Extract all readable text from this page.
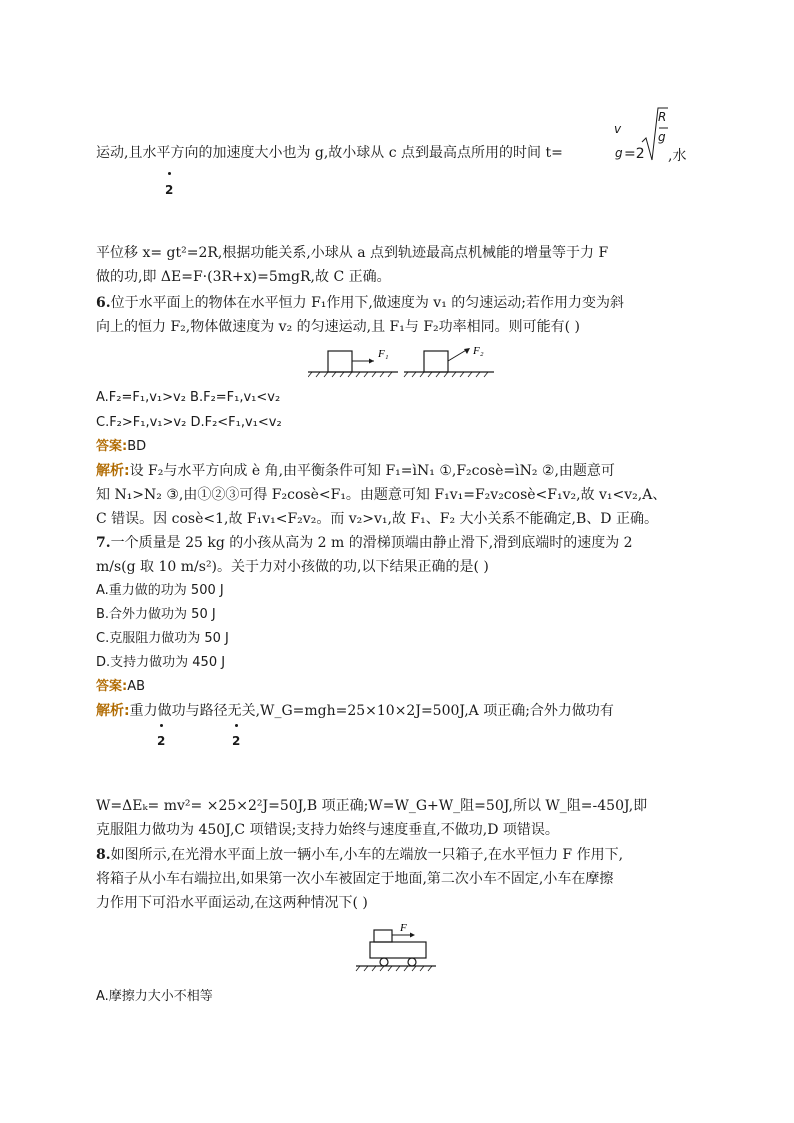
运动,且水平方向的加速度大小也为 g,故小球从 c 点到最高点所用的时间 t=
v
g =2
R
g
,水
2
平位移 x= gt²=2R,根据功能关系,小球从 a 点到轨迹最高点机械能的增量等于力 F
做的功,即 ΔE=F·(3R+x)=5mgR,故 C 正确。
6.位于水平面上的物体在水平恒力 F₁作用下,做速度为 v₁ 的匀速运动;若作用力变为斜
向上的恒力 F₂,物体做速度为 v₂ 的匀速运动,且 F₁与 F₂功率相同。则可能有( )
F₁	F₂
A.F₂=F₁,v₁>v₂ B.F₂=F₁,v₁<v₂
C.F₂>F₁,v₁>v₂ D.F₂<F₁,v₁<v₂
答案:BD
解析:设 F₂与水平方向成 è 角,由平衡条件可知 F₁=ìN₁ ①,F₂cosè=ìN₂ ②,由题意可
知 N₁>N₂ ③,由①②③可得 F₂cosè<F₁。由题意可知 F₁v₁=F₂v₂cosè<F₁v₂,故 v₁<v₂,A、
C 错误。因 cosè<1,故 F₁v₁<F₂v₂。而 v₂>v₁,故 F₁、F₂ 大小关系不能确定,B、D 正确。
7.一个质量是 25 kg 的小孩从高为 2 m 的滑梯顶端由静止滑下,滑到底端时的速度为 2
m/s(g 取 10 m/s²)。关于力对小孩做的功,以下结果正确的是( )
A.重力做的功为 500 J
B.合外力做功为 50 J
C.克服阻力做功为 50 J
D.支持力做功为 450 J
答案:AB
解析:重力做功与路径无关,W_G=mgh=25×10×2J=500J,A 项正确;合外力做功有
2	2
W=ΔEₖ= mv²= ×25×2²J=50J,B 项正确;W=W_G+W_阻=50J,所以 W_阻=-450J,即
克服阻力做功为 450J,C 项错误;支持力始终与速度垂直,不做功,D 项错误。
8.如图所示,在光滑水平面上放一辆小车,小车的左端放一只箱子,在水平恒力 F 作用下,
将箱子从小车右端拉出,如果第一次小车被固定于地面,第二次小车不固定,小车在摩擦
力作用下可沿水平面运动,在这两种情况下( )
F
A.摩擦力大小不相等
